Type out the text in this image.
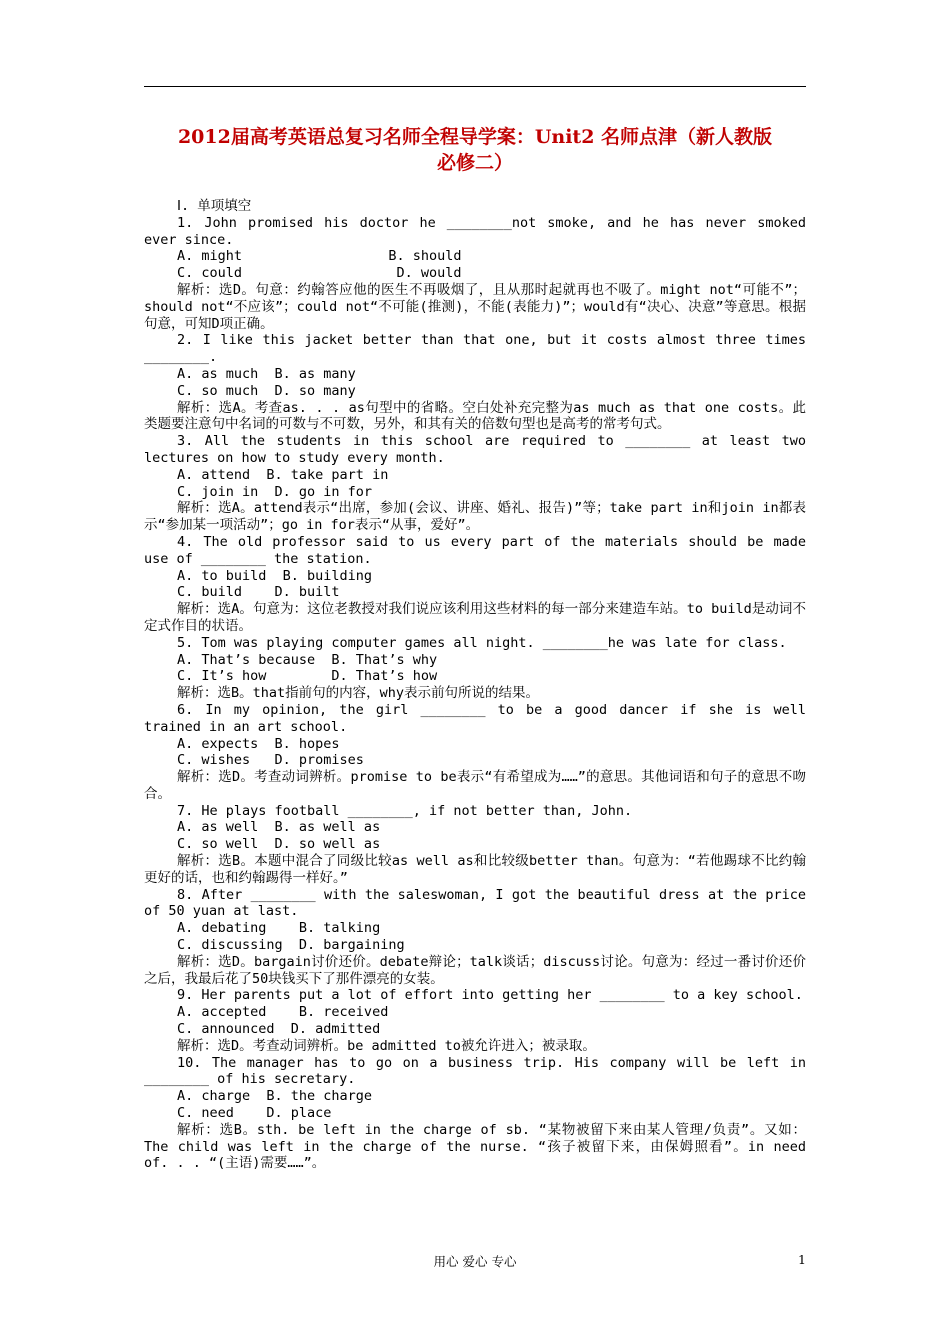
2012届高考英语总复习名师全程导学案：Unit2 名师点津（新人教版
必修二）
Ⅰ. 单项填空
1. John promised his doctor he ________not smoke, and he has never smoked ever since.
A. might                  B. should
C. could                   D. would
解析：选D。句意：约翰答应他的医生不再吸烟了，且从那时起就再也不吸了。might not“可能不”；should not“不应该”；could not“不可能(推测)，不能(表能力)”；would有“决心、决意”等意思。根据句意，可知D项正确。
2. I like this jacket better than that one, but it costs almost three times ________.
A. as much  B. as many
C. so much  D. so many
解析：选A。考查as. . . as句型中的省略。空白处补充完整为as much as that one costs。此类题要注意句中名词的可数与不可数，另外，和其有关的倍数句型也是高考的常考句式。
3. All the students in this school are required to ________ at least two lectures on how to study every month.
A. attend  B. take part in
C. join in  D. go in for
解析：选A。attend表示“出席，参加(会议、讲座、婚礼、报告)”等；take part in和join in都表示“参加某一项活动”；go in for表示“从事，爱好”。
4. The old professor said to us every part of the materials should be made use of ________ the station.
A. to build  B. building
C. build    D. built
解析：选A。句意为：这位老教授对我们说应该利用这些材料的每一部分来建造车站。to build是动词不定式作目的状语。
5. Tom was playing computer games all night. ________he was late for class.
A. That’s because  B. That’s why
C. It’s how        D. That’s how
解析：选B。that指前句的内容，why表示前句所说的结果。
6. In my opinion, the girl ________ to be a good dancer if she is well trained in an art school.
A. expects  B. hopes
C. wishes   D. promises
解析：选D。考查动词辨析。promise to be表示“有希望成为……”的意思。其他词语和句子的意思不吻合。
7. He plays football ________, if not better than, John.
A. as well  B. as well as
C. so well  D. so well as
解析：选B。本题中混合了同级比较as well as和比较级better than。句意为：“若他踢球不比约翰更好的话，也和约翰踢得一样好。”
8. After ________ with the saleswoman, I got the beautiful dress at the price of 50 yuan at last.
A. debating    B. talking
C. discussing  D. bargaining
解析：选D。bargain讨价还价。debate辩论；talk谈话；discuss讨论。句意为：经过一番讨价还价之后，我最后花了50块钱买下了那件漂亮的女装。
9. Her parents put a lot of effort into getting her ________ to a key school.
A. accepted    B. received
C. announced  D. admitted
解析：选D。考查动词辨析。be admitted to被允许进入；被录取。
10. The manager has to go on a business trip. His company will be left in ________ of his secretary.
A. charge  B. the charge
C. need    D. place
解析：选B。sth. be left in the charge of sb. “某物被留下来由某人管理/负责”。又如：The child was left in the charge of the nurse. “孩子被留下来，由保姆照看”。in need of. . . “(主语)需要……”。
用心 爱心 专心	1
